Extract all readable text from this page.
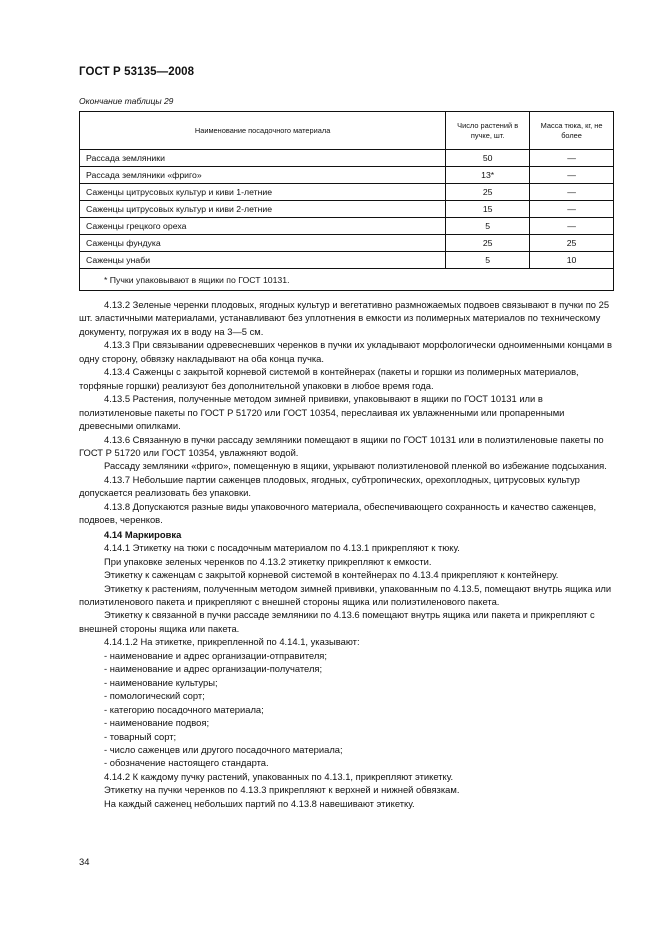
ГОСТ Р 53135—2008
Окончание таблицы 29
Наименование посадочного материала	Число растений в пучке, шт.	Масса тюка, кг, не более
Рассада земляники	50	—
Рассада земляники «фриго»	13*	—
Саженцы цитрусовых культур и киви 1-летние	25	—
Саженцы цитрусовых культур и киви 2-летние	15	—
Саженцы грецкого ореха	5	—
Саженцы фундука	25	25
Саженцы унаби	5	10
* Пучки упаковывают в ящики по ГОСТ 10131.		

4.13.2 Зеленые черенки плодовых, ягодных культур и вегетативно размножаемых подвоев связывают в пучки по 25 шт. эластичными материалами, устанавливают без уплотнения в емкости из полимерных материалов по техническому документу, погружая их в воду на 3—5 см.

4.13.3 При связывании одревесневших черенков в пучки их укладывают морфологически одноименными концами в одну сторону, обвязку накладывают на оба конца пучка.

4.13.4 Саженцы с закрытой корневой системой в контейнерах (пакеты и горшки из полимерных материалов, торфяные горшки) реализуют без дополнительной упаковки в любое время года.

4.13.5 Растения, полученные методом зимней прививки, упаковывают в ящики по ГОСТ 10131 или в полиэтиленовые пакеты по ГОСТ Р 51720 или ГОСТ 10354, переслаивая их увлажненными или пропаренными древесными опилками.

4.13.6 Связанную в пучки рассаду земляники помещают в ящики по ГОСТ 10131 или в полиэтиленовые пакеты по ГОСТ Р 51720 или ГОСТ 10354, увлажняют водой.

Рассаду земляники «фриго», помещенную в ящики, укрывают полиэтиленовой пленкой во избежание подсыхания.

4.13.7 Небольшие партии саженцев плодовых, ягодных, субтропических, орехоплодных, цитрусовых культур допускается реализовать без упаковки.

4.13.8 Допускаются разные виды упаковочного материала, обеспечивающего сохранность и качество саженцев, подвоев, черенков.

4.14 Маркировка

4.14.1 Этикетку на тюки с посадочным материалом по 4.13.1 прикрепляют к тюку.

При упаковке зеленых черенков по 4.13.2 этикетку прикрепляют к емкости.

Этикетку к саженцам с закрытой корневой системой в контейнерах по 4.13.4 прикрепляют к контейнеру.

Этикетку к растениям, полученным методом зимней прививки, упакованным по 4.13.5, помещают внутрь ящика или полиэтиленового пакета и прикрепляют с внешней стороны ящика или полиэтиленового пакета.

Этикетку к связанной в пучки рассаде земляники по 4.13.6 помещают внутрь ящика или пакета и прикрепляют с внешней стороны ящика или пакета.

4.14.1.2 На этикетке, прикрепленной по 4.14.1, указывают:

- наименование и адрес организации-отправителя;

- наименование и адрес организации-получателя;

- наименование культуры;

- помологический сорт;

- категорию посадочного материала;

- наименование подвоя;

- товарный сорт;

- число саженцев или другого посадочного материала;

- обозначение настоящего стандарта.

4.14.2 К каждому пучку растений, упакованных по 4.13.1, прикрепляют этикетку.

Этикетку на пучки черенков по 4.13.3 прикрепляют к верхней и нижней обвязкам.

На каждый саженец небольших партий по 4.13.8 навешивают этикетку.

34
